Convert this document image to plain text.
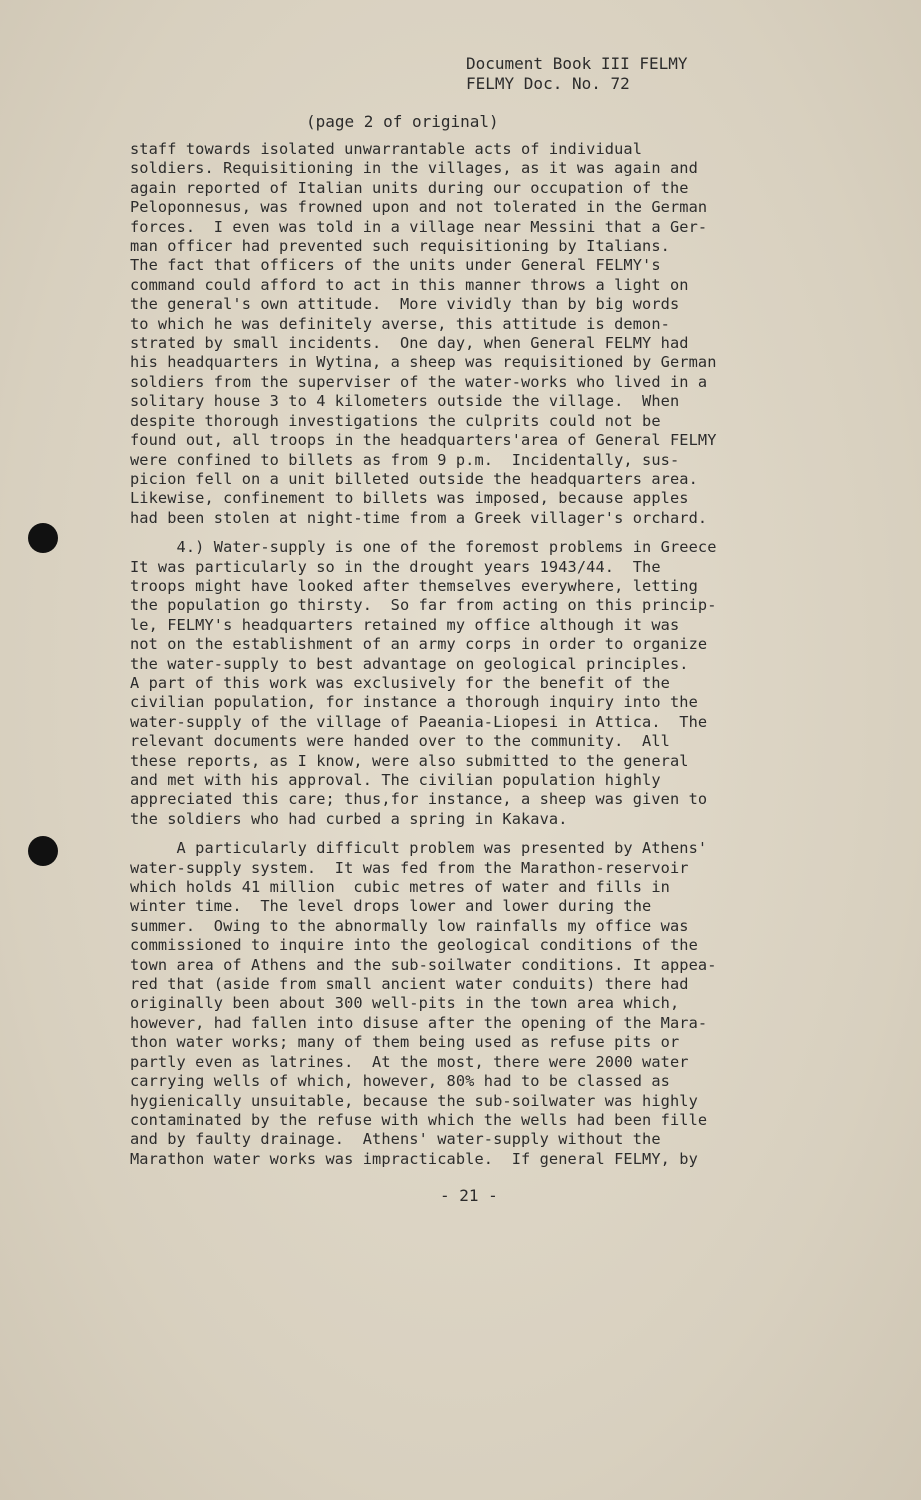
Document Book III FELMY
FELMY Doc. No. 72
(page 2 of original)
staff towards isolated unwarrantable acts of individual
soldiers. Requisitioning in the villages, as it was again and
again reported of Italian units during our occupation of the
Peloponnesus, was frowned upon and not tolerated in the German
forces.  I even was told in a village near Messini that a Ger-
man officer had prevented such requisitioning by Italians.
The fact that officers of the units under General FELMY's
command could afford to act in this manner throws a light on
the general's own attitude.  More vividly than by big words
to which he was definitely averse, this attitude is demon-
strated by small incidents.  One day, when General FELMY had
his headquarters in Wytina, a sheep was requisitioned by German
soldiers from the superviser of the water-works who lived in a
solitary house 3 to 4 kilometers outside the village.  When
despite thorough investigations the culprits could not be
found out, all troops in the headquarters'area of General FELMY
were confined to billets as from 9 p.m.  Incidentally, sus-
picion fell on a unit billeted outside the headquarters area.
Likewise, confinement to billets was imposed, because apples
had been stolen at night-time from a Greek villager's orchard.
4.) Water-supply is one of the foremost problems in Greece
It was particularly so in the drought years 1943/44.  The
troops might have looked after themselves everywhere, letting
the population go thirsty.  So far from acting on this princip-
le, FELMY's headquarters retained my office although it was
not on the establishment of an army corps in order to organize
the water-supply to best advantage on geological principles.
A part of this work was exclusively for the benefit of the
civilian population, for instance a thorough inquiry into the
water-supply of the village of Paeania-Liopesi in Attica.  The
relevant documents were handed over to the community.  All
these reports, as I know, were also submitted to the general
and met with his approval. The civilian population highly
appreciated this care; thus,for instance, a sheep was given to
the soldiers who had curbed a spring in Kakava.
A particularly difficult problem was presented by Athens'
water-supply system.  It was fed from the Marathon-reservoir
which holds 41 million  cubic metres of water and fills in
winter time.  The level drops lower and lower during the
summer.  Owing to the abnormally low rainfalls my office was
commissioned to inquire into the geological conditions of the
town area of Athens and the sub-soilwater conditions. It appea-
red that (aside from small ancient water conduits) there had
originally been about 300 well-pits in the town area which,
however, had fallen into disuse after the opening of the Mara-
thon water works; many of them being used as refuse pits or
partly even as latrines.  At the most, there were 2000 water
carrying wells of which, however, 80% had to be classed as
hygienically unsuitable, because the sub-soilwater was highly
contaminated by the refuse with which the wells had been fille
and by faulty drainage.  Athens' water-supply without the
Marathon water works was impracticable.  If general FELMY, by
- 21 -
